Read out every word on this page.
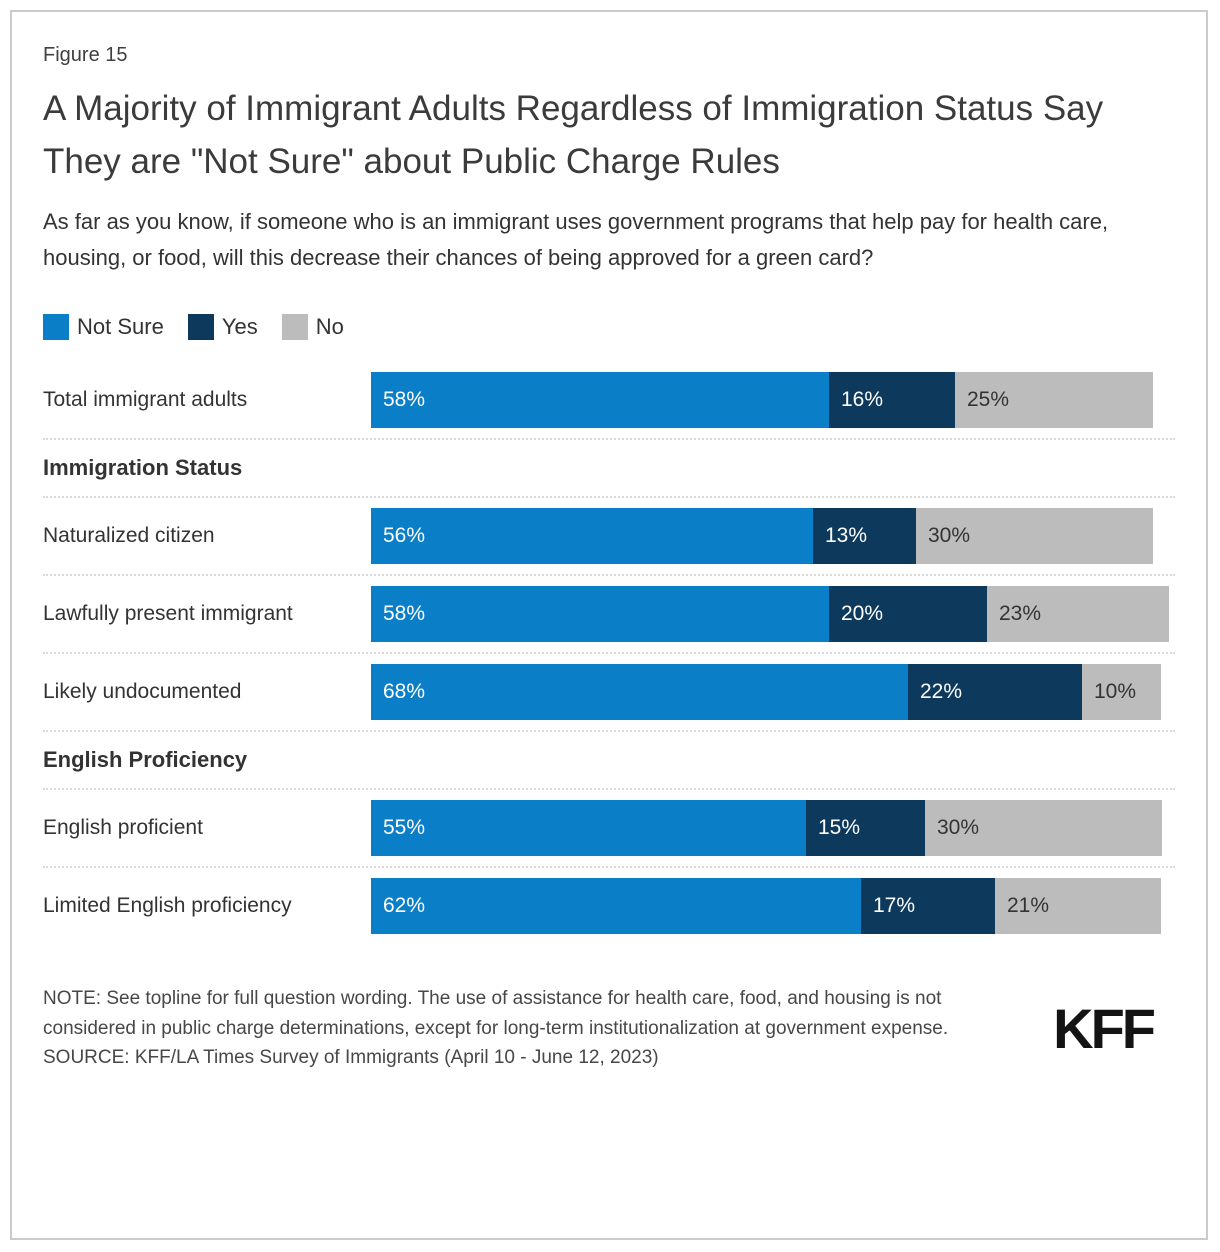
Figure 15
A Majority of Immigrant Adults Regardless of Immigration Status Say They are "Not Sure" about Public Charge Rules

As far as you know, if someone who is an immigrant uses government programs that help pay for health care, housing, or food, will this decrease their chances of being approved for a green card?

Not Sure	Yes	No
Total immigrant adults	58%	16%	25%
Immigration Status
Naturalized citizen	56%	13%	30%
Lawfully present immigrant	58%	20%	23%
Likely undocumented	68%	22%	10%
English Proficiency
English proficient	55%	15%	30%
Limited English proficiency	62%	17%	21%

NOTE: See topline for full question wording. The use of assistance for health care, food, and housing is not considered in public charge determinations, except for long-term institutionalization at government expense.

SOURCE: KFF/LA Times Survey of Immigrants (April 10 - June 12, 2023)	KFF
